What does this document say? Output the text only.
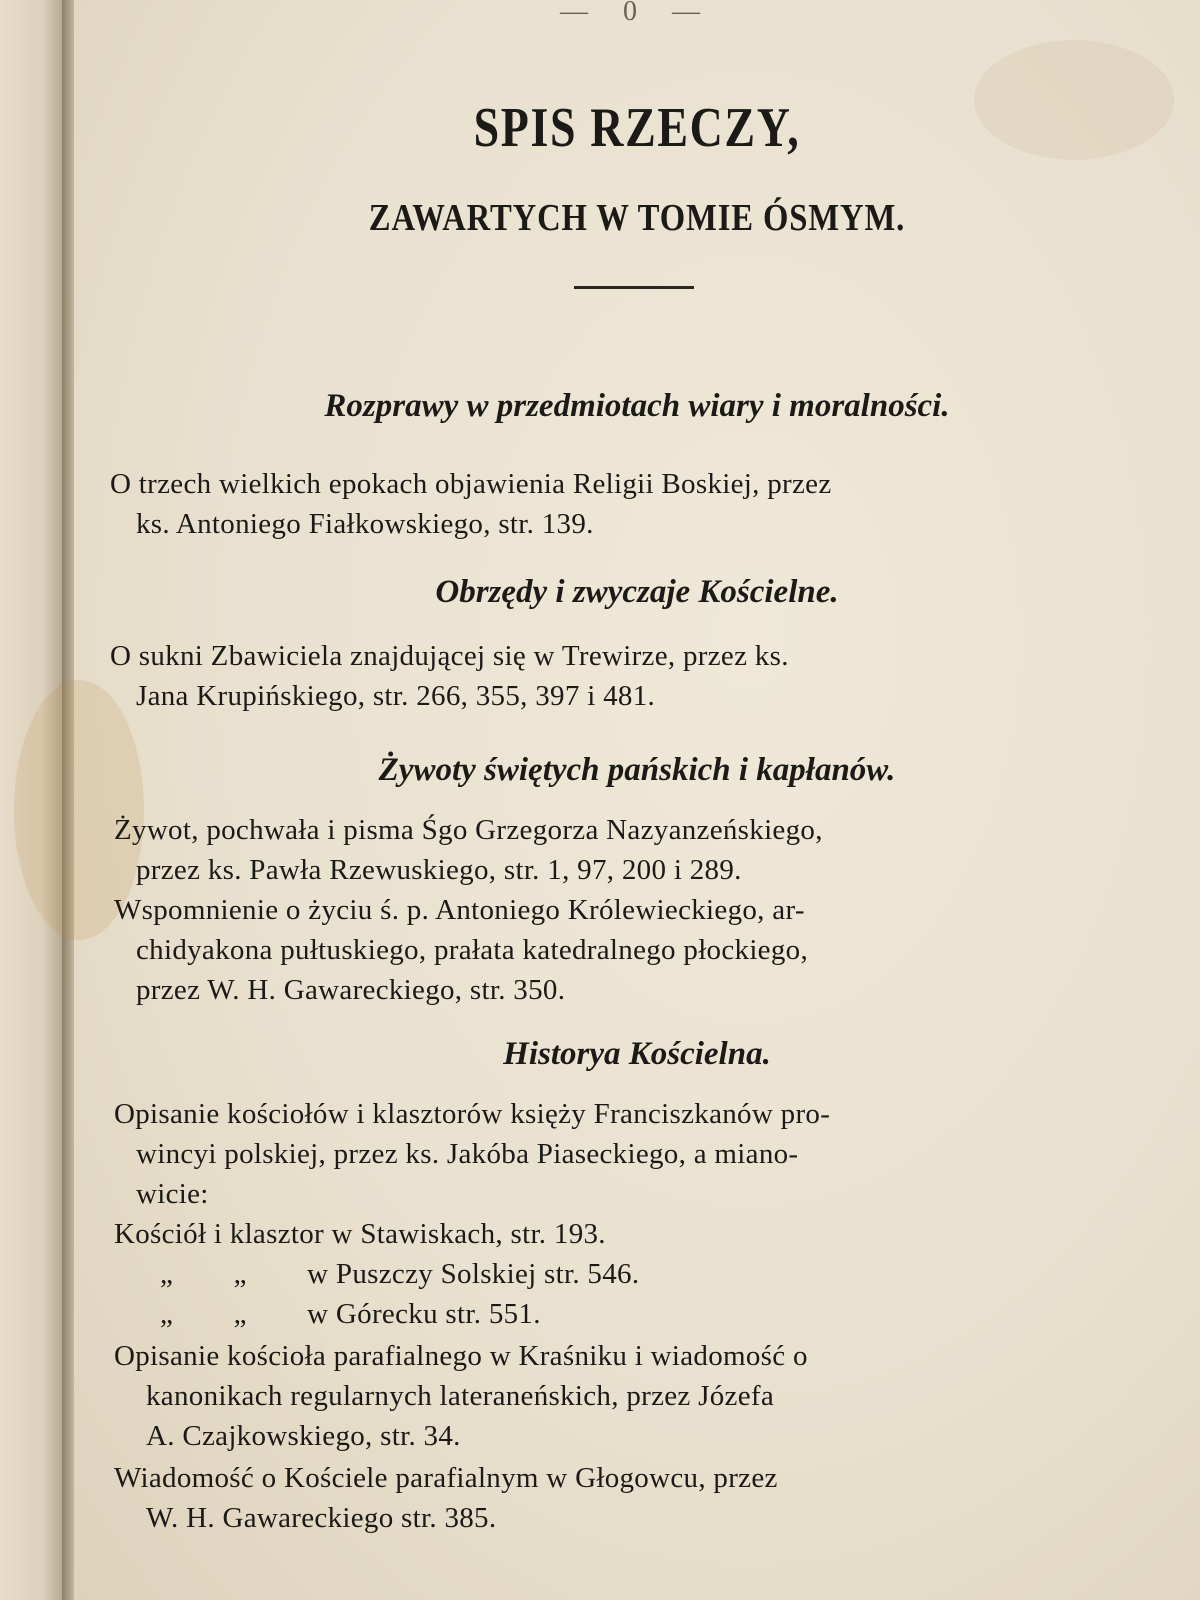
— 0 —
SPIS RZECZY,
ZAWARTYCH W TOMIE ÓSMYM.
Rozprawy w przedmiotach wiary i moralności.
O trzech wielkich epokach objawienia Religii Boskiej, przez
ks. Antoniego Fiałkowskiego, str. 139.
Obrzędy i zwyczaje Kościelne.
O sukni Zbawiciela znajdującej się w Trewirze, przez ks.
Jana Krupińskiego, str. 266, 355, 397 i 481.
Żywoty świętych pańskich i kapłanów.
Żywot, pochwała i pisma Śgo Grzegorza Nazyanzeńskiego,
przez ks. Pawła Rzewuskiego, str. 1, 97, 200 i 289.
Wspomnienie o życiu ś. p. Antoniego Królewieckiego, ar-
chidyakona pułtuskiego, prałata katedralnego płockiego,
przez W. H. Gawareckiego, str. 350.
Historya Kościelna.
Opisanie kościołów i klasztorów księży Franciszkanów pro-
wincyi polskiej, przez ks. Jakóba Piaseckiego, a miano-
wicie:
Kościół i klasztor w Stawiskach, str. 193.
„        „        w Puszczy Solskiej str. 546.
„        „        w Górecku str. 551.
Opisanie kościoła parafialnego w Kraśniku i wiadomość o
kanonikach regularnych lateraneńskich, przez Józefa
A. Czajkowskiego, str. 34.
Wiadomość o Kościele parafialnym w Głogowcu, przez
W. H. Gawareckiego str. 385.
